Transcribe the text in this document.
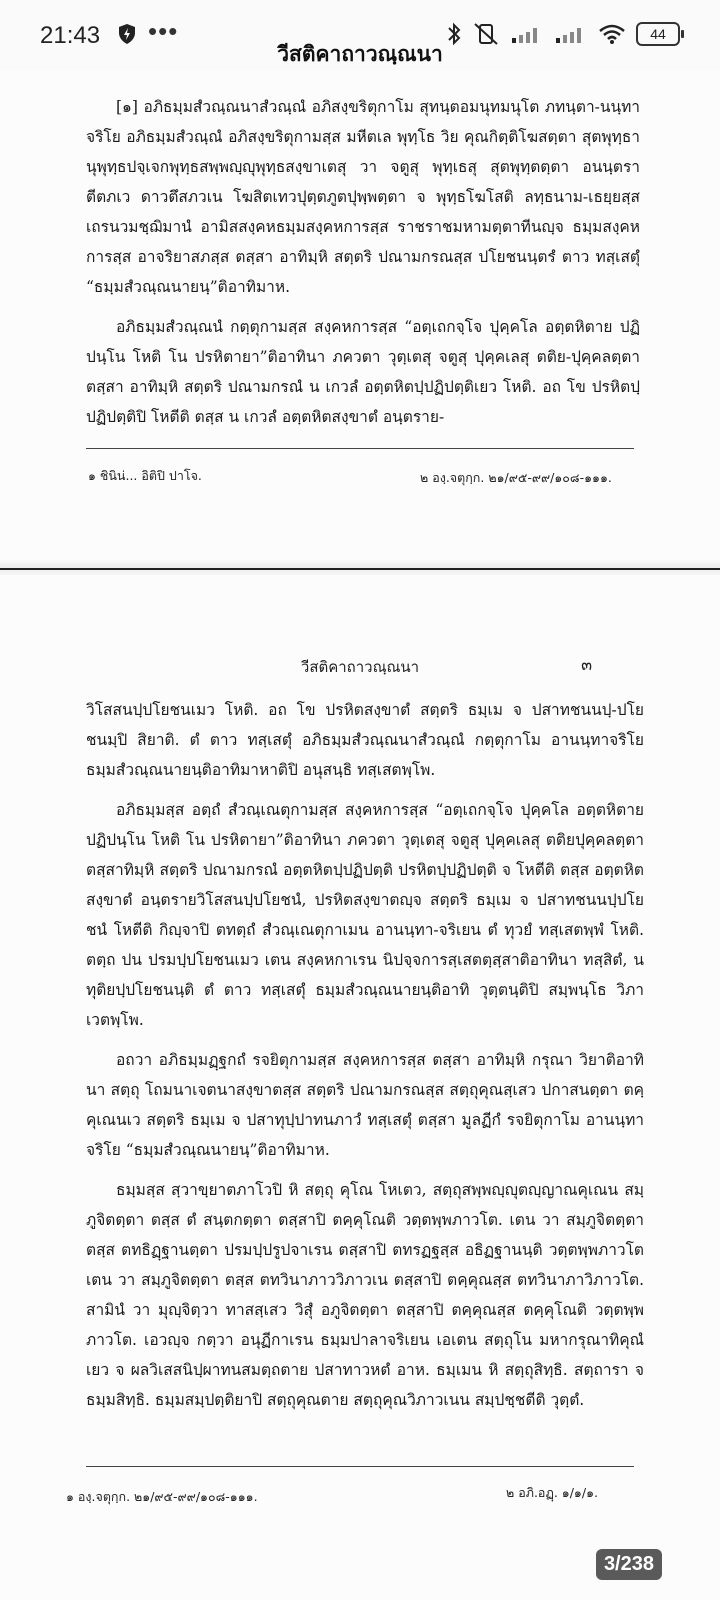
21:43 •••	44
วีสติคาถาวณฺณนา

[๑] อภิธมฺมสํวณฺณนาสํวณฺณํ อภิสงฺขริตุกาโม สุทนฺตอมนุทมนุโต ภทนฺตา-นนฺทาจริโย อภิธมฺมสํวณฺณํ อภิสงฺขริตุกามสฺส มหีตเล พุทฺโธ วิย คุณกิตฺติโฆสตฺตา สุตพุทฺธานุพุทฺธปจฺเจกพุทฺธสพฺพญฺญุพุทฺธสงฺขาเตสุ วา จตูสุ พุทฺเธสุ สุตพุทฺตตฺตา อนนฺตราตีตภเว ดาวตึสภวเน โฆสิตเทวปุตฺตภูตปุพฺพตฺตา จ พุทฺธโฆโสติ ลทฺธนาม-เธยฺยสฺส เถรนวมชฺฌิมานํ อามิสสงฺคหธมฺมสงฺคหการสฺส ราชราชมหามตฺตาทีนญฺจ ธมฺมสงฺคหการสฺส อาจริยาสภสฺส ตสฺสา อาทิมฺหิ สตฺตริ ปณามกรณสฺส ปโยชนนฺตรํ ตาว ทสฺเสตุํ “ธมฺมสํวณฺณนายนฺ”ติอาทิมาห.

อภิธมฺมสํวณฺณนํ กตฺตุกามสฺส สงฺคหการสฺส “อตฺเถกจฺโจ ปุคฺคโล อตฺตหิตาย ปฏิปนฺโน โหติ โน ปรหิตายา”ติอาทินา ภควตา วุตฺเตสุ จตูสุ ปุคฺคเลสุ ตติย-ปุคฺคลตฺตา ตสฺสา อาทิมฺหิ สตฺตริ ปณามกรณํ น เกวลํ อตฺตหิตปฺปฏิปตฺติเยว โหติ. อถ โข ปรหิตปฺปฏิปตฺติปิ โหตีติ ตสฺส น เกวลํ อตฺตหิตสงฺขาตํ อนฺตราย-

๑ ชินิน่... อิติปิ ปาโจ.	๒ องฺ.จตุกฺก. ๒๑/๙๕-๙๙/๑๐๘-๑๑๑.
วีสติคาถาวณฺณนา	๓

วิโสสนปฺปโยชนเมว โหติ. อถ โข ปรหิตสงฺขาตํ สตฺตริ ธมฺเม จ ปสาทชนนปฺ-ปโยชนมฺปิ สิยาติ. ตํ ตาว ทสฺเสตุํ อภิธมฺมสํวณฺณนาสํวณฺณํ กตฺตุกาโม อานนฺทาจริโย ธมฺมสํวณฺณนายนฺติอาทิมาหาติปิ อนุสนฺธิ ทสฺเสตพฺโพ.

อภิธมฺมสฺส อตฺถํ สํวณฺเณตุกามสฺส สงฺคหการสฺส “อตฺเถกจฺโจ ปุคฺคโล อตฺตหิตาย ปฏิปนฺโน โหติ โน ปรหิตายา”ติอาทินา ภควตา วุตฺเตสุ จตูสุ ปุคฺคเลสุ ตติยปุคฺคลตฺตา ตสฺสาทิมฺหิ สตฺตริ ปณามกรณํ อตฺตหิตปฺปฏิปตฺติ ปรหิตปฺปฏิปตฺติ จ โหตีติ ตสฺส อตฺตหิตสงฺขาตํ อนฺตรายวิโสสนปฺปโยชนํ, ปรหิตสงฺขาตญฺจ สตฺตริ ธมฺเม จ ปสาทชนนปฺปโยชนํ โหตีติ กิญฺจาปิ ตทตฺถํ สํวณฺเณตุกาเมน อานนฺทา-จริเยน ตํ ทุวยํ ทสฺเสตพฺพํ โหติ. ตตฺถ ปน ปรมปฺปโยชนเมว เตน สงฺคหกาเรน นิปจฺจการสฺเสตตฺสฺสาติอาทินา ทสฺสิตํ, น ทุติยปฺปโยชนนฺติ ตํ ตาว ทสฺเสตุํ ธมฺมสํวณฺณนายนฺติอาทิ วุตฺตนฺติปิ สมฺพนฺโธ วิภาเวตพฺโพ.

อถวา อภิธมฺมฏฺฐกถํ รจยิตุกามสฺส สงฺคหการสฺส ตสฺสา อาทิมฺหิ กรุณา วิยาติอาทินา สตฺถุ โถมนาเจตนาสงฺขาตสฺส สตฺตริ ปณามกรณสฺส สตฺถุคุณสฺเสว ปกาสนตฺตา ตคฺคุเณนเว สตฺตริ ธมฺเม จ ปสาทุปฺปาทนภาวํ ทสฺเสตุํ ตสฺสา มูลฏีกํ รจยิตุกาโม อานนฺทาจริโย “ธมฺมสํวณฺณนายนฺ”ติอาทิมาห.

ธมฺมสฺส สฺวาขฺยาตภาโวปิ หิ สตฺถุ คุโณ โหเตว, สตฺถุสพฺพญฺญุตญฺญาณคุเณน สมฺภูจิตตฺตา ตสฺส ตํ สนฺตกตฺตา ตสฺสาปิ ตคฺคุโณติ วตฺตพฺพภาวโต. เตน วา สมฺภูจิตตฺตา ตสฺส ตทธิฏฺฐานตฺตา ปรมปฺปรูปจาเรน ตสฺสาปิ ตทรฏฐสฺส อธิฏฐานนฺติ วตฺตพฺพภาวโต เตน วา สมฺภูจิตตฺตา ตสฺส ตทวินาภาววิภาวเน ตสฺสาปิ ตคฺคุณสฺส ตทวินาภาวิภาวโต. สามินํ วา มุญฺจิตฺวา ทาสสฺเสว วิสุํ อภูจิตตฺตา ตสฺสาปิ ตคฺคุณสฺส ตคฺคุโณติ วตฺตพฺพภาวโต. เอวญฺจ กตฺวา อนุฏีกาเรน ธมฺมปาลาจริเยน เอเตน สตฺถุโน มหากรุณาทิคุณํเยว จ ผลวิเสสนิปฺผาทนสมตฺถตาย ปสาทาวหตํ อาห. ธมฺเมน หิ สตฺถุสิทฺธิ. สตฺถารา จ ธมฺมสิทฺธิ. ธมฺมสมฺปตฺติยาปิ สตฺถุคุณตาย สตฺถุคุณวิภาวเนน สมฺปชฺชตีติ วุตฺตํ.

๑ องฺ.จตุกฺก. ๒๑/๙๕-๙๙/๑๐๘-๑๑๑.	๒ อภิ.อฏฺ. ๑/๑/๑.
3/238
